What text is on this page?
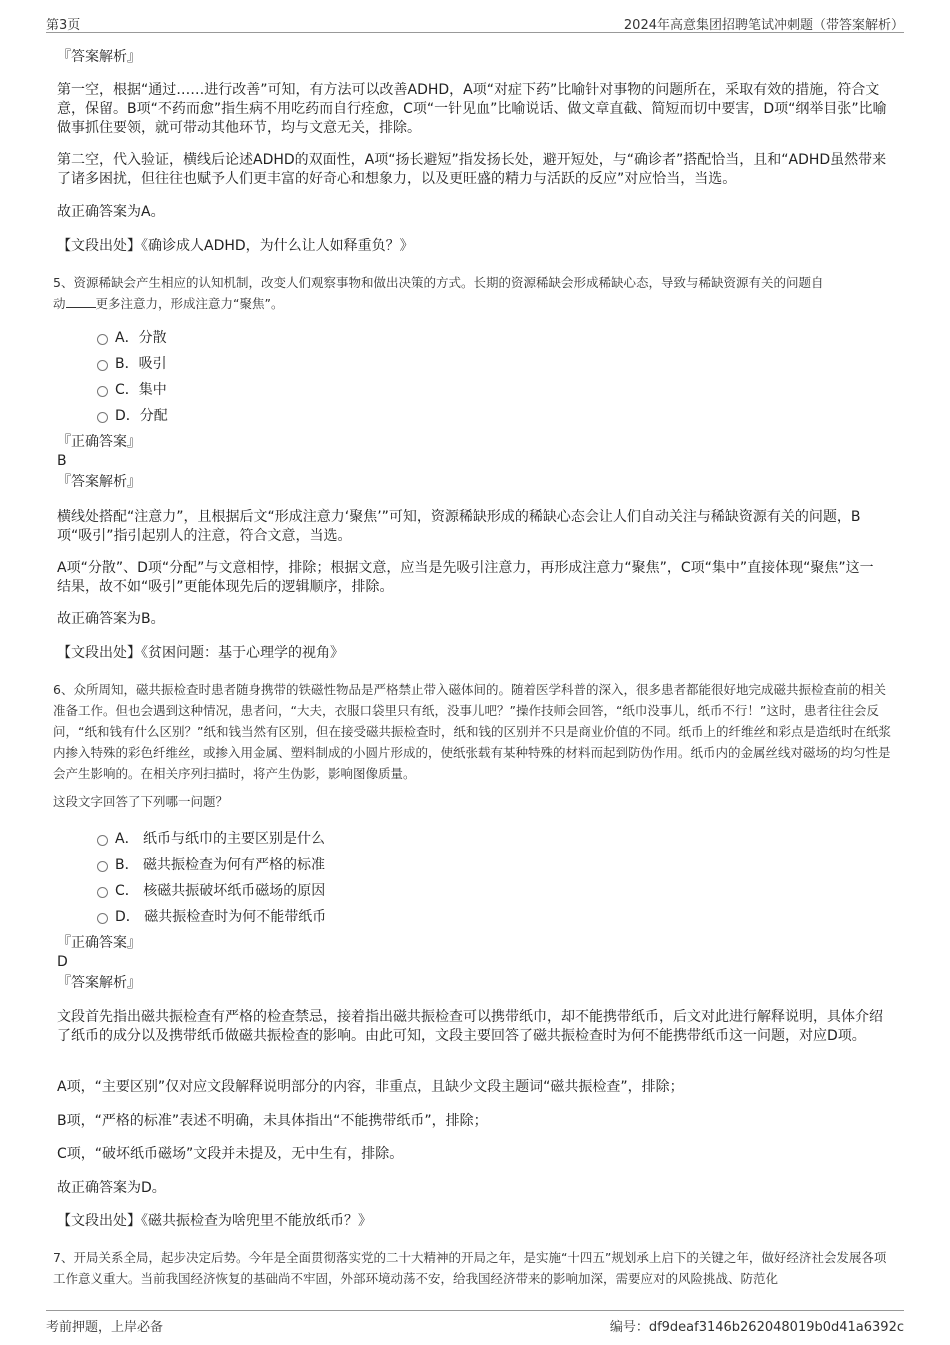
第3页	2024年高意集团招聘笔试冲刺题（带答案解析）
『答案解析』
第一空，根据“通过……进行改善”可知，有方法可以改善ADHD，A项“对症下药”比喻针对事物的问题所在，采取有效的措施，符合文意，保留。B项“不药而愈”指生病不用吃药而自行痊愈，C项“一针见血”比喻说话、做文章直截、简短而切中要害，D项“纲举目张”比喻做事抓住要领，就可带动其他环节，均与文意无关，排除。
第二空，代入验证，横线后论述ADHD的双面性，A项“扬长避短”指发扬长处，避开短处，与“确诊者”搭配恰当，且和“ADHD虽然带来了诸多困扰，但往往也赋予人们更丰富的好奇心和想象力，以及更旺盛的精力与活跃的反应”对应恰当，当选。
故正确答案为A。
【文段出处】《确诊成人ADHD，为什么让人如释重负？》
5、资源稀缺会产生相应的认知机制，改变人们观察事物和做出决策的方式。长期的资源稀缺会形成稀缺心态，导致与稀缺资源有关的问题自
动 更多注意力，形成注意力“聚焦”。
A．分散
B．吸引
C．集中
D．分配
『正确答案』
B
『答案解析』
横线处搭配“注意力”，且根据后文“形成注意力‘聚焦’”可知，资源稀缺形成的稀缺心态会让人们自动关注与稀缺资源有关的问题，B项“吸引”指引起别人的注意，符合文意，当选。
A项“分散”、D项“分配”与文意相悖，排除；根据文意，应当是先吸引注意力，再形成注意力“聚焦”，C项“集中”直接体现“聚焦”这一结果，故不如“吸引”更能体现先后的逻辑顺序，排除。
故正确答案为B。
【文段出处】《贫困问题：基于心理学的视角》
6、众所周知，磁共振检查时患者随身携带的铁磁性物品是严格禁止带入磁体间的。随着医学科普的深入，很多患者都能很好地完成磁共振检查前的相关准备工作。但也会遇到这种情况，患者问，“大夫，衣服口袋里只有纸，没事儿吧？”操作技师会回答，“纸巾没事儿，纸币不行！”这时，患者往往会反问，“纸和钱有什么区别？”纸和钱当然有区别，但在接受磁共振检查时，纸和钱的区别并不只是商业价值的不同。纸币上的纤维丝和彩点是造纸时在纸浆内掺入特殊的彩色纤维丝，或掺入用金属、塑料制成的小圆片形成的，使纸张载有某种特殊的材料而起到防伪作用。纸币内的金属丝线对磁场的均匀性是会产生影响的。在相关序列扫描时，将产生伪影，影响图像质量。
这段文字回答了下列哪一问题？
A． 纸币与纸巾的主要区别是什么
B． 磁共振检查为何有严格的标准
C． 核磁共振破坏纸币磁场的原因
D． 磁共振检查时为何不能带纸币
『正确答案』
D
『答案解析』
文段首先指出磁共振检查有严格的检查禁忌，接着指出磁共振检查可以携带纸巾，却不能携带纸币，后文对此进行解释说明，具体介绍了纸币的成分以及携带纸币做磁共振检查的影响。由此可知，文段主要回答了磁共振检查时为何不能携带纸币这一问题，对应D项。
A项，“主要区别”仅对应文段解释说明部分的内容，非重点，且缺少文段主题词“磁共振检查”，排除；
B项，“严格的标准”表述不明确，未具体指出“不能携带纸币”，排除；
C项，“破坏纸币磁场”文段并未提及，无中生有，排除。
故正确答案为D。
【文段出处】《磁共振检查为啥兜里不能放纸币？》
7、开局关系全局，起步决定后势。今年是全面贯彻落实党的二十大精神的开局之年，是实施“十四五”规划承上启下的关键之年，做好经济社会发展各项工作意义重大。当前我国经济恢复的基础尚不牢固，外部环境动荡不安，给我国经济带来的影响加深，需要应对的风险挑战、防范化
考前押题，上岸必备	编号：df9deaf3146b262048019b0d41a6392c
